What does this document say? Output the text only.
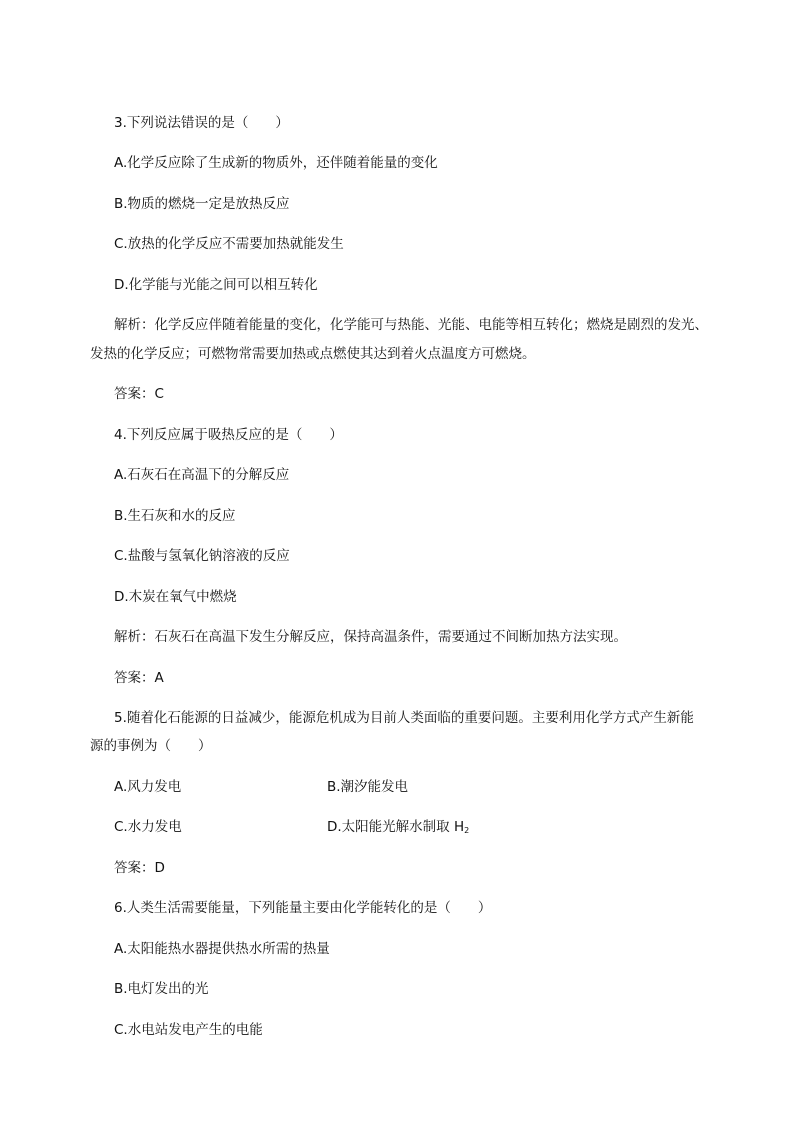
3.下列说法错误的是（　　）
A.化学反应除了生成新的物质外，还伴随着能量的变化
B.物质的燃烧一定是放热反应
C.放热的化学反应不需要加热就能发生
D.化学能与光能之间可以相互转化
解析：化学反应伴随着能量的变化，化学能可与热能、光能、电能等相互转化；燃烧是剧烈的发光、
发热的化学反应；可燃物常需要加热或点燃使其达到着火点温度方可燃烧。
答案：C
4.下列反应属于吸热反应的是（　　）
A.石灰石在高温下的分解反应
B.生石灰和水的反应
C.盐酸与氢氧化钠溶液的反应
D.木炭在氧气中燃烧
解析：石灰石在高温下发生分解反应，保持高温条件，需要通过不间断加热方法实现。
答案：A
5.随着化石能源的日益减少，能源危机成为目前人类面临的重要问题。主要利用化学方式产生新能
源的事例为（　　）
A.风力发电	B.潮汐能发电
C.水力发电	D.太阳能光解水制取 $H_2$
答案：D
6.人类生活需要能量，下列能量主要由化学能转化的是（　　）
A.太阳能热水器提供热水所需的热量
B.电灯发出的光
C.水电站发电产生的电能
